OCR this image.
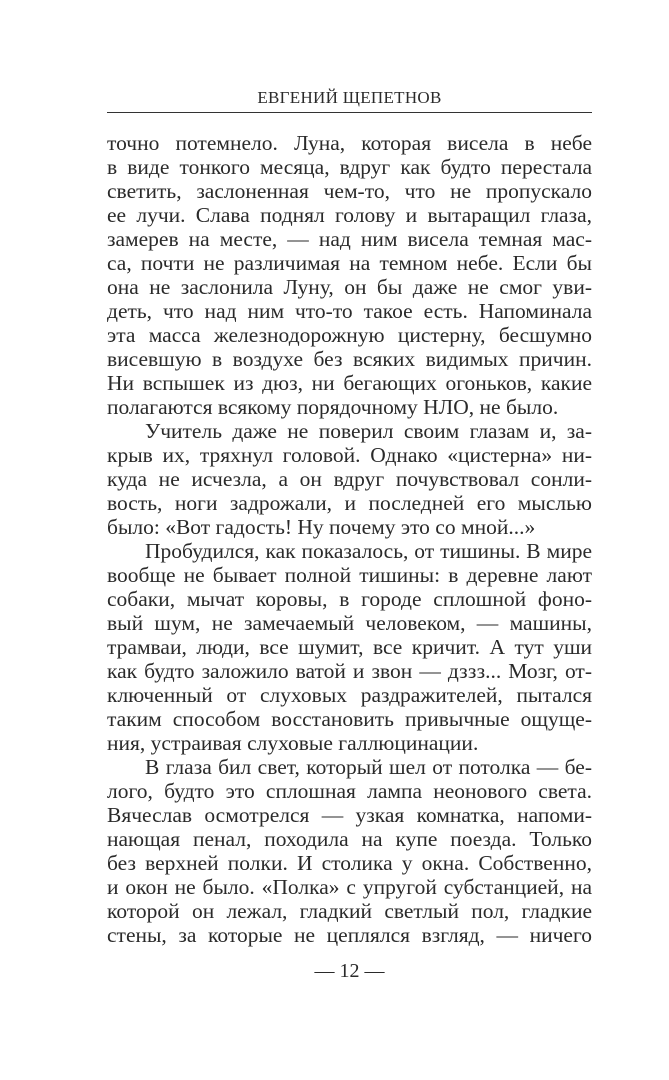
ЕВГЕНИЙ ЩЕПЕТНОВ
точно потемнело. Луна, которая висела в небе
в виде тонкого месяца, вдруг как будто перестала
светить, заслоненная чем-то, что не пропускало
ее лучи. Слава поднял голову и вытаращил глаза,
замерев на месте, — над ним висела темная мас-
са, почти не различимая на темном небе. Если бы
она не заслонила Луну, он бы даже не смог уви-
деть, что над ним что-то такое есть. Напоминала
эта масса железнодорожную цистерну, бесшумно
висевшую в воздухе без всяких видимых причин.
Ни вспышек из дюз, ни бегающих огоньков, какие
полагаются всякому порядочному НЛО, не было.
Учитель даже не поверил своим глазам и, за-
крыв их, тряхнул головой. Однако «цистерна» ни-
куда не исчезла, а он вдруг почувствовал сонли-
вость, ноги задрожали, и последней его мыслью
было: «Вот гадость! Ну почему это со мной...»
Пробудился, как показалось, от тишины. В мире
вообще не бывает полной тишины: в деревне лают
собаки, мычат коровы, в городе сплошной фоно-
вый шум, не замечаемый человеком, — машины,
трамваи, люди, все шумит, все кричит. А тут уши
как будто заложило ватой и звон — дззз... Мозг, от-
ключенный от слуховых раздражителей, пытался
таким способом восстановить привычные ощуще-
ния, устраивая слуховые галлюцинации.
В глаза бил свет, который шел от потолка — бе-
лого, будто это сплошная лампа неонового света.
Вячеслав осмотрелся — узкая комнатка, напоми-
нающая пенал, походила на купе поезда. Только
без верхней полки. И столика у окна. Собственно,
и окон не было. «Полка» с упругой субстанцией, на
которой он лежал, гладкий светлый пол, гладкие
стены, за которые не цеплялся взгляд, — ничего
— 12 —
